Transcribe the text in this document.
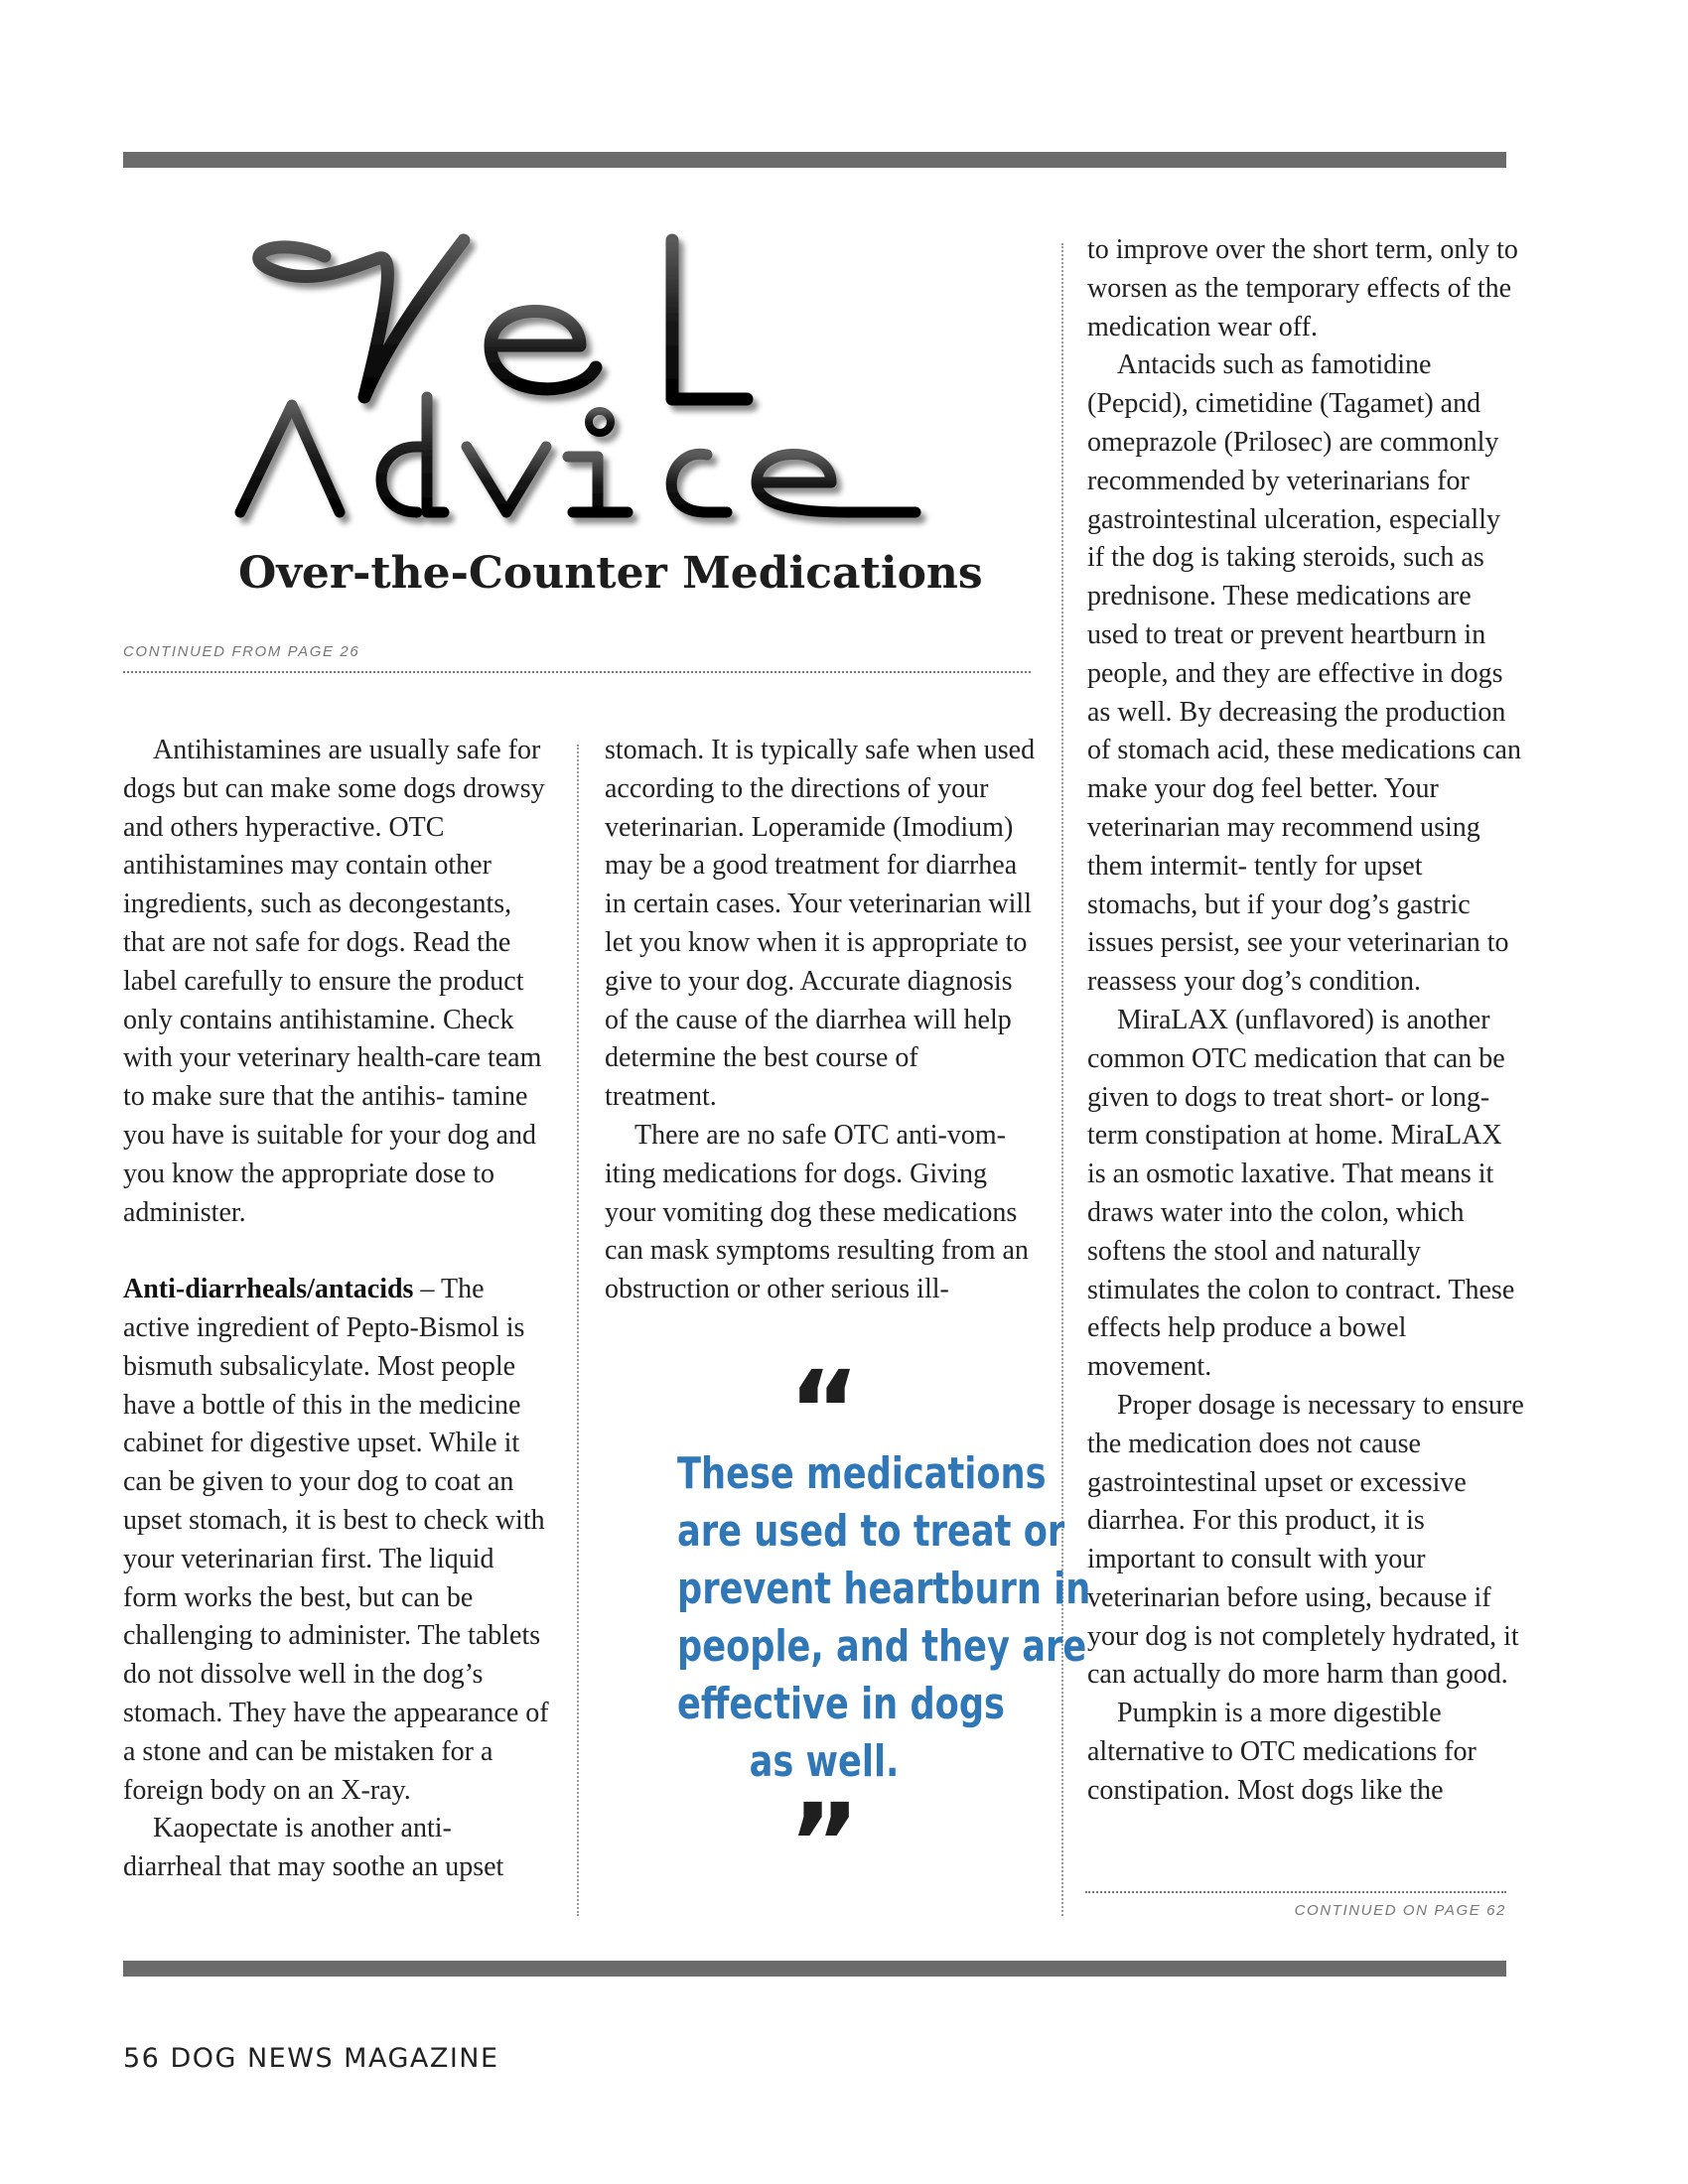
Over-the-Counter Medications
CONTINUED FROM PAGE 26

Antihistamines are usually safe for dogs but can make some dogs drowsy and others hyperactive. OTC antihistamines may contain other ingredients, such as decongestants, that are not safe for dogs. Read the label carefully to ensure the product only contains antihistamine. Check with your veterinary health-care team to make sure that the antihis- tamine you have is suitable for your dog and you know the appropriate dose to administer.

Anti-diarrheals/antacids – The active ingredient of Pepto-Bismol is bismuth subsalicylate. Most people have a bottle of this in the medicine cabinet for digestive upset. While it can be given to your dog to coat an upset stomach, it is best to check with your veterinarian first. The liquid form works the best, but can be challenging to administer. The tablets do not dissolve well in the dog’s stomach. They have the appearance of a stone and can be mistaken for a foreign body on an X-ray.

Kaopectate is another anti- diarrheal that may soothe an upset

stomach. It is typically safe when used according to the directions of your veterinarian. Loperamide (Imodium) may be a good treatment for diarrhea in certain cases. Your veterinarian will let you know when it is appropriate to give to your dog. Accurate diagnosis of the cause of the diarrhea will help determine the best course of treatment.

There are no safe OTC anti-vom- iting medications for dogs. Giving your vomiting dog these medications can mask symptoms resulting from an obstruction or other serious ill-

“
These medications
are used to treat or
prevent heartburn in
people, and they are
effective in dogs
as well.
”

to improve over the short term, only to worsen as the temporary effects of the medication wear off.

Antacids such as famotidine (Pepcid), cimetidine (Tagamet) and omeprazole (Prilosec) are commonly recommended by veterinarians for gastrointestinal ulceration, especially if the dog is taking steroids, such as prednisone. These medications are used to treat or prevent heartburn in people, and they are effective in dogs as well. By decreasing the production of stomach acid, these medications can make your dog feel better. Your veterinarian may recommend using them intermit- tently for upset stomachs, but if your dog’s gastric issues persist, see your veterinarian to reassess your dog’s condition.

MiraLAX (unflavored) is another common OTC medication that can be given to dogs to treat short- or long-term constipation at home. MiraLAX is an osmotic laxative. That means it draws water into the colon, which softens the stool and naturally stimulates the colon to contract. These effects help produce a bowel movement.

Proper dosage is necessary to ensure the medication does not cause gastrointestinal upset or excessive diarrhea. For this product, it is important to consult with your veterinarian before using, because if your dog is not completely hydrated, it can actually do more harm than good.

Pumpkin is a more digestible alternative to OTC medications for constipation. Most dogs like the

CONTINUED ON PAGE 62
56 DOG NEWS MAGAZINE
